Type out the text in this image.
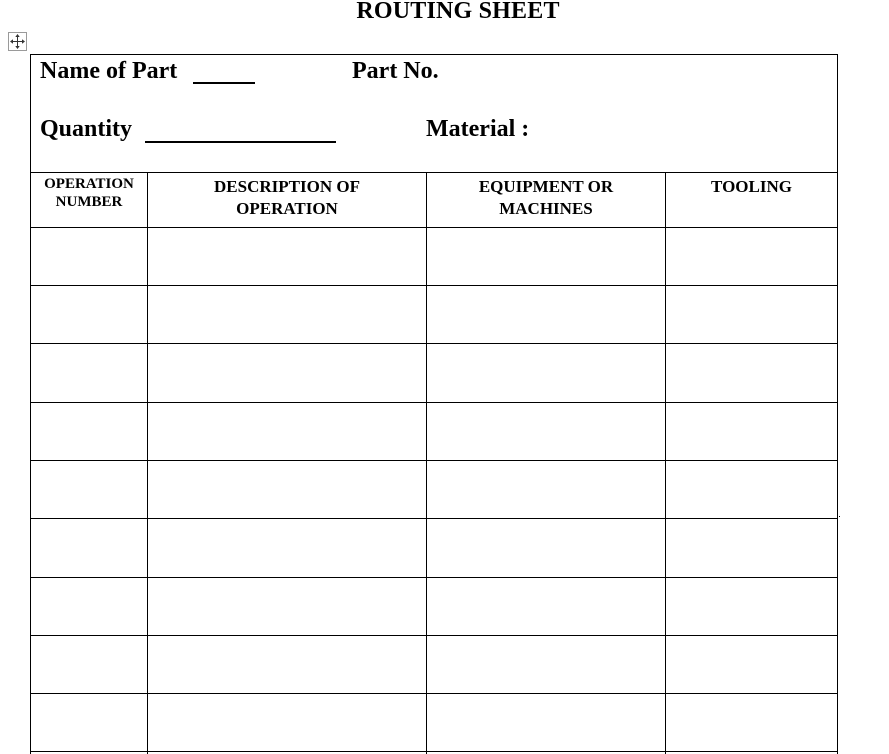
ROUTING SHEET
Name of Part	Part No.
Quantity	Material :
OPERATION
NUMBER
DESCRIPTION OF
OPERATION
EQUIPMENT OR
MACHINES
TOOLING
